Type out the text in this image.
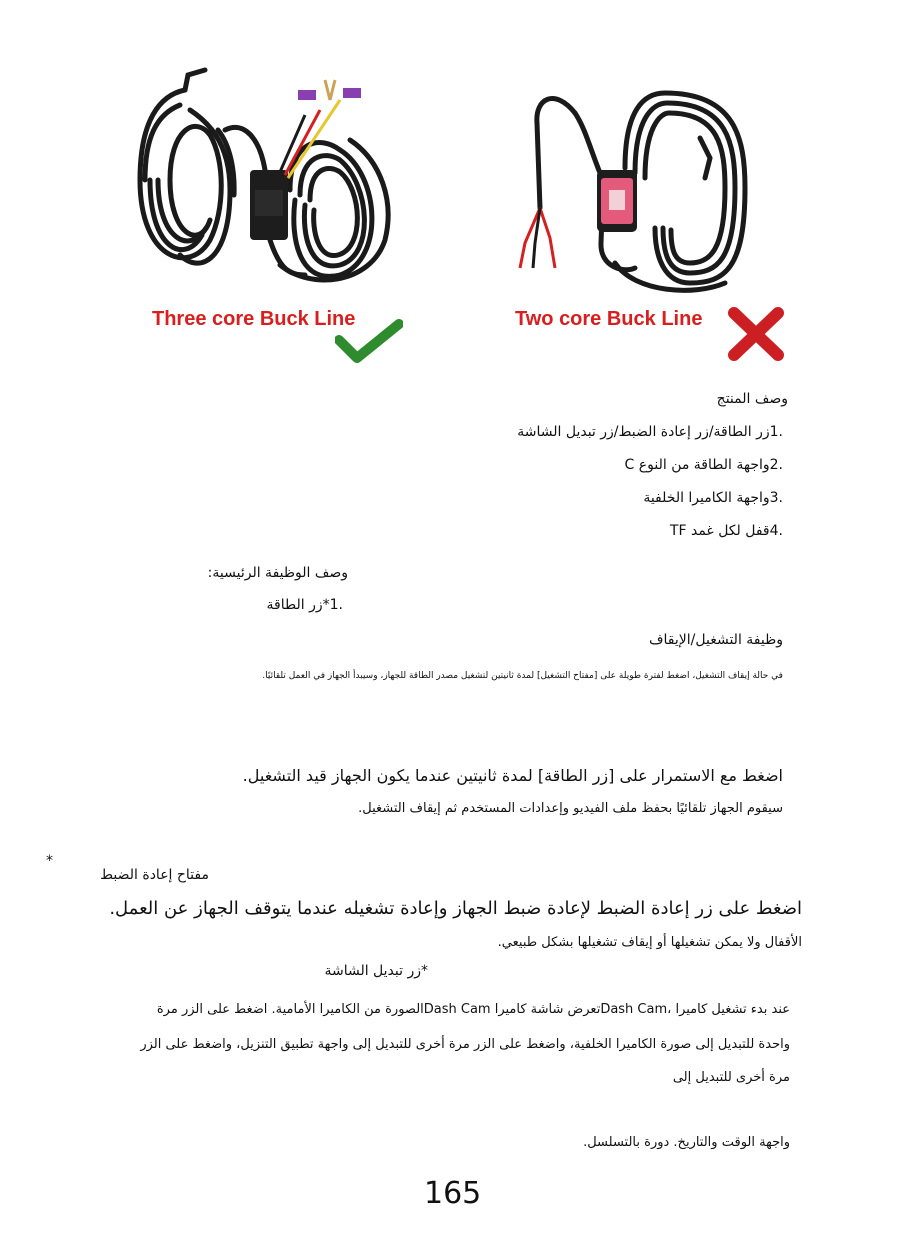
Three core Buck Line	Two core Buck Line
وصف المنتج
.1زر الطاقة/زر إعادة الضبط/زر تبديل الشاشة
.2واجهة الطاقة من النوع C
.3واجهة الكاميرا الخلفية
.4قفل لكل غمد TF
وصف الوظيفة الرئيسية:
.1*زر الطاقة
وظيفة التشغيل/الإيقاف
في حالة إيقاف التشغيل، اضغط لفترة طويلة على [مفتاح التشغيل] لمدة ثانيتين لتشغيل مصدر الطاقة للجهاز، وسيبدأ الجهاز في العمل تلقائيًا.
اضغط مع الاستمرار على [زر الطاقة] لمدة ثانيتين عندما يكون الجهاز قيد التشغيل.
سيقوم الجهاز تلقائيًا بحفظ ملف الفيديو وإعدادات المستخدم ثم إيقاف التشغيل.
*
مفتاح إعادة الضبط
اضغط على زر إعادة الضبط لإعادة ضبط الجهاز وإعادة تشغيله عندما يتوقف الجهاز عن العمل.
الأقفال ولا يمكن تشغيلها أو إيقاف تشغيلها بشكل طبيعي.
*زر تبديل الشاشة
عند بدء تشغيل كاميرا ،Dash Camتعرض شاشة كاميرا Dash Camالصورة من الكاميرا الأمامية. اضغط على الزر مرة
واحدة للتبديل إلى صورة الكاميرا الخلفية، واضغط على الزر مرة أخرى للتبديل إلى واجهة تطبيق التنزيل، واضغط على الزر
مرة أخرى للتبديل إلى
واجهة الوقت والتاريخ. دورة بالتسلسل.
165
